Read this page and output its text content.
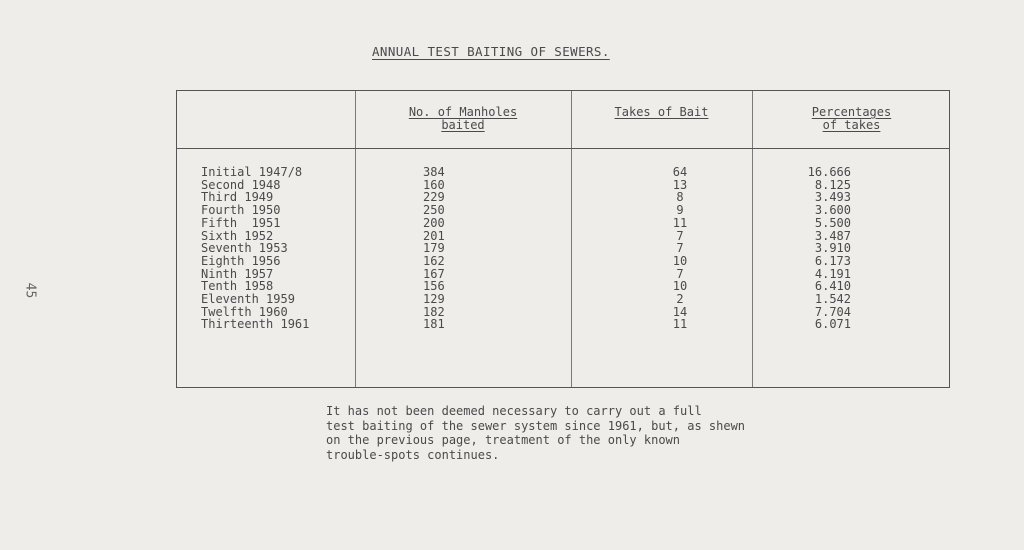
45
ANNUAL TEST BAITING OF SEWERS.
No. of Manholes
baited
Takes of Bait	Percentages
of takes
Initial 1947/8
Second 1948
Third 1949
Fourth 1950
Fifth  1951
Sixth 1952
Seventh 1953
Eighth 1956
Ninth 1957
Tenth 1958
Eleventh 1959
Twelfth 1960
Thirteenth 1961
384
160
229
250
200
201
179
162
167
156
129
182
181
64
13
8
9
11
7
7
10
7
10
2
14
11
16.666
8.125
3.493
3.600
5.500
3.487
3.910
6.173
4.191
6.410
1.542
7.704
6.071
It has not been deemed necessary to carry out a full
test baiting of the sewer system since 1961, but, as shewn
on the previous page, treatment of the only known
trouble-spots continues.
